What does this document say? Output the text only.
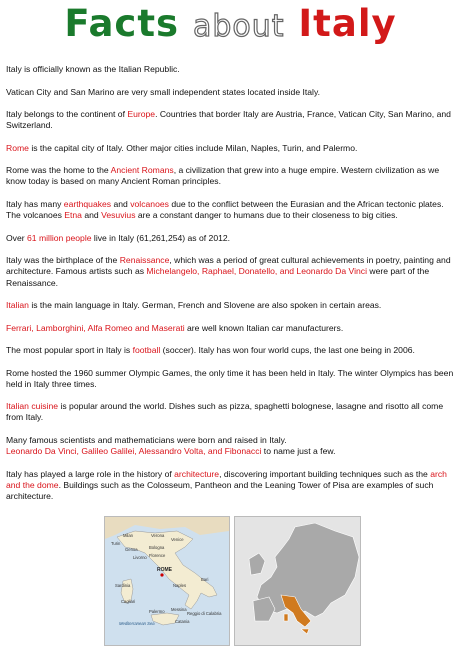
Facts about Italy

Italy is officially known as the Italian Republic.

Vatican City and San Marino are very small independent states located inside Italy.

Italy belongs to the continent of Europe. Countries that border Italy are Austria, France, Vatican City, San Marino, and Switzerland.

Rome is the capital city of Italy. Other major cities include Milan, Naples, Turin, and Palermo.

Rome was the home to the Ancient Romans, a civilization that grew into a huge empire. Western civilization as we know today is based on many Ancient Roman principles.

Italy has many earthquakes and volcanoes due to the conflict between the Eurasian and the African tectonic plates. The volcanoes Etna and Vesuvius are a constant danger to humans due to their closeness to big cities.

Over 61 million people live in Italy (61,261,254) as of 2012.

Italy was the birthplace of the Renaissance, which was a period of great cultural achievements in poetry, painting and architecture. Famous artists such as Michelangelo, Raphael, Donatello, and Leonardo Da Vinci were part of the Renaissance.

Italian is the main language in Italy. German, French and Slovene are also spoken in certain areas.

Ferrari, Lamborghini, Alfa Romeo and Maserati are well known Italian car manufacturers.

The most popular sport in Italy is football (soccer). Italy has won four world cups, the last one being in 2006.

Rome hosted the 1960 summer Olympic Games, the only time it has been held in Italy. The winter Olympics has been held in Italy three times.

Italian cuisine is popular around the world. Dishes such as pizza, spaghetti bolognese, lasagne and risotto all come from Italy.

Many famous scientists and mathematicians were born and raised in Italy.
Leonardo Da Vinci, Galileo Galilei, Alessandro Volta, and Fibonacci to name just a few.

Italy has played a large role in the history of architecture, discovering important building techniques such as the arch and the dome. Buildings such as the Colosseum, Pantheon and the Leaning Tower of Pisa are examples of such architecture.

Milan	Verona
Venice
Turin
Genoa	Bologna
Florence
Livorno
ROME
Naples
Bari
Sardinia
Cagliari
Palermo Messina
Catania
Reggio di Calabria
Mediterranean Sea
